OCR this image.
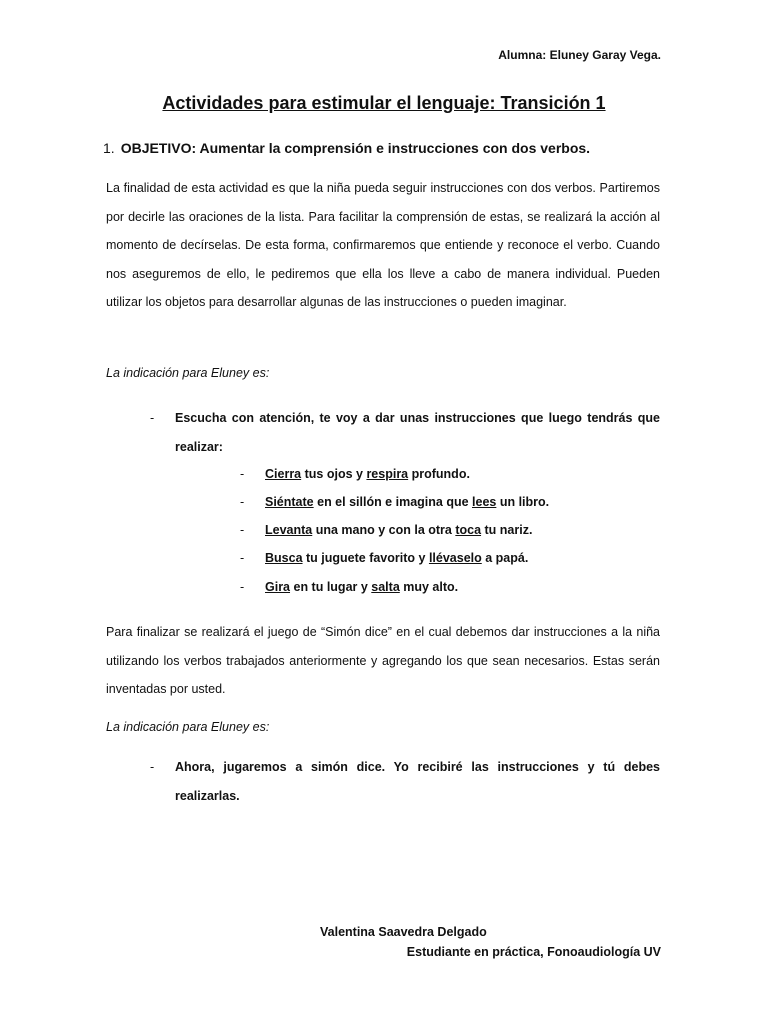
Alumna: Eluney Garay Vega.
Actividades para estimular el lenguaje: Transición 1
1. OBJETIVO: Aumentar la comprensión e instrucciones con dos verbos.
La finalidad de esta actividad es que la niña pueda seguir instrucciones con dos verbos. Partiremos por decirle las oraciones de la lista. Para facilitar la comprensión de estas, se realizará la acción al momento de decírselas. De esta forma, confirmaremos que entiende y reconoce el verbo. Cuando nos aseguremos de ello, le pediremos que ella los lleve a cabo de manera individual. Pueden utilizar los objetos para desarrollar algunas de las instrucciones o pueden imaginar.
La indicación para Eluney es:
- Escucha con atención, te voy a dar unas instrucciones que luego tendrás que realizar:
- Cierra tus ojos y respira profundo.
- Siéntate en el sillón e imagina que lees un libro.
- Levanta una mano y con la otra toca tu nariz.
- Busca tu juguete favorito y llévaselo a papá.
- Gira en tu lugar y salta muy alto.
Para finalizar se realizará el juego de “Simón dice” en el cual debemos dar instrucciones a la niña utilizando los verbos trabajados anteriormente y agregando los que sean necesarios. Estas serán inventadas por usted.
La indicación para Eluney es:
- Ahora, jugaremos a simón dice. Yo recibiré las instrucciones y tú debes realizarlas.
Valentina Saavedra Delgado
Estudiante en práctica, Fonoaudiología UV
